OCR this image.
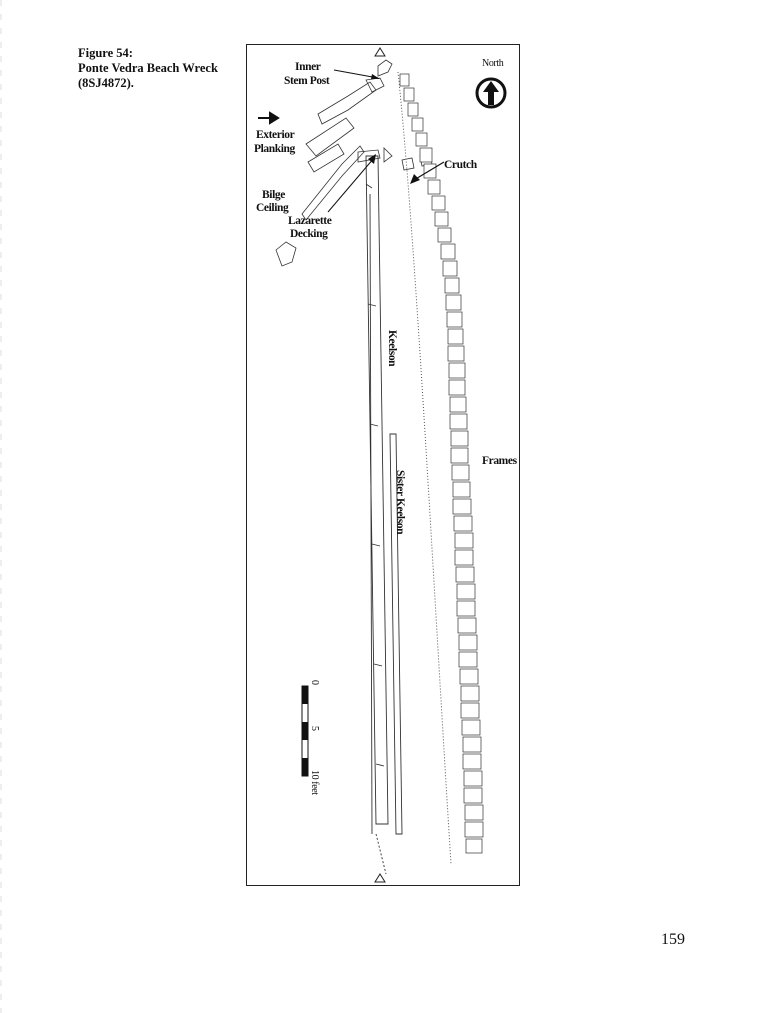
Figure 54:
Ponte Vedra Beach Wreck
(8SJ4872).
North
Inner
Stem Post
Exterior
Planking
Bilge
Ceiling
Lazarette
Decking
Crutch
Frames
Keelson
Sister Keelson
0
5
10 feet
159
